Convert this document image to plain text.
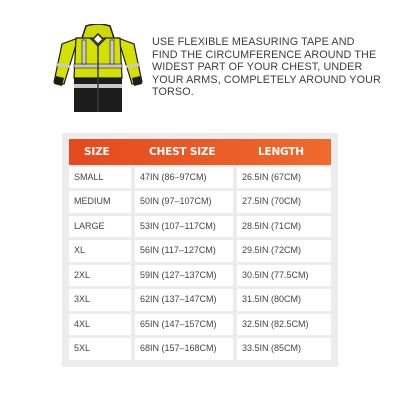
USE FLEXIBLE MEASURING TAPE AND FIND THE CIRCUMFERENCE AROUND THE WIDEST PART OF YOUR CHEST, UNDER YOUR ARMS, COMPLETELY AROUND YOUR TORSO.
SIZE	CHEST SIZE	LENGTH
SMALL	47IN (86–97CM)	26.5IN (67CM)
MEDIUM	50IN (97–107CM)	27.5IN (70CM)
LARGE	53IN (107–117CM)	28.5IN (71CM)
XL	56IN (117–127CM)	29.5IN (72CM)
2XL	59IN (127–137CM)	30.5IN (77.5CM)
3XL	62IN (137–147CM)	31.5IN (80CM)
4XL	65IN (147–157CM)	32.5IN (82.5CM)
5XL	68IN (157–168CM)	33.5IN (85CM)
